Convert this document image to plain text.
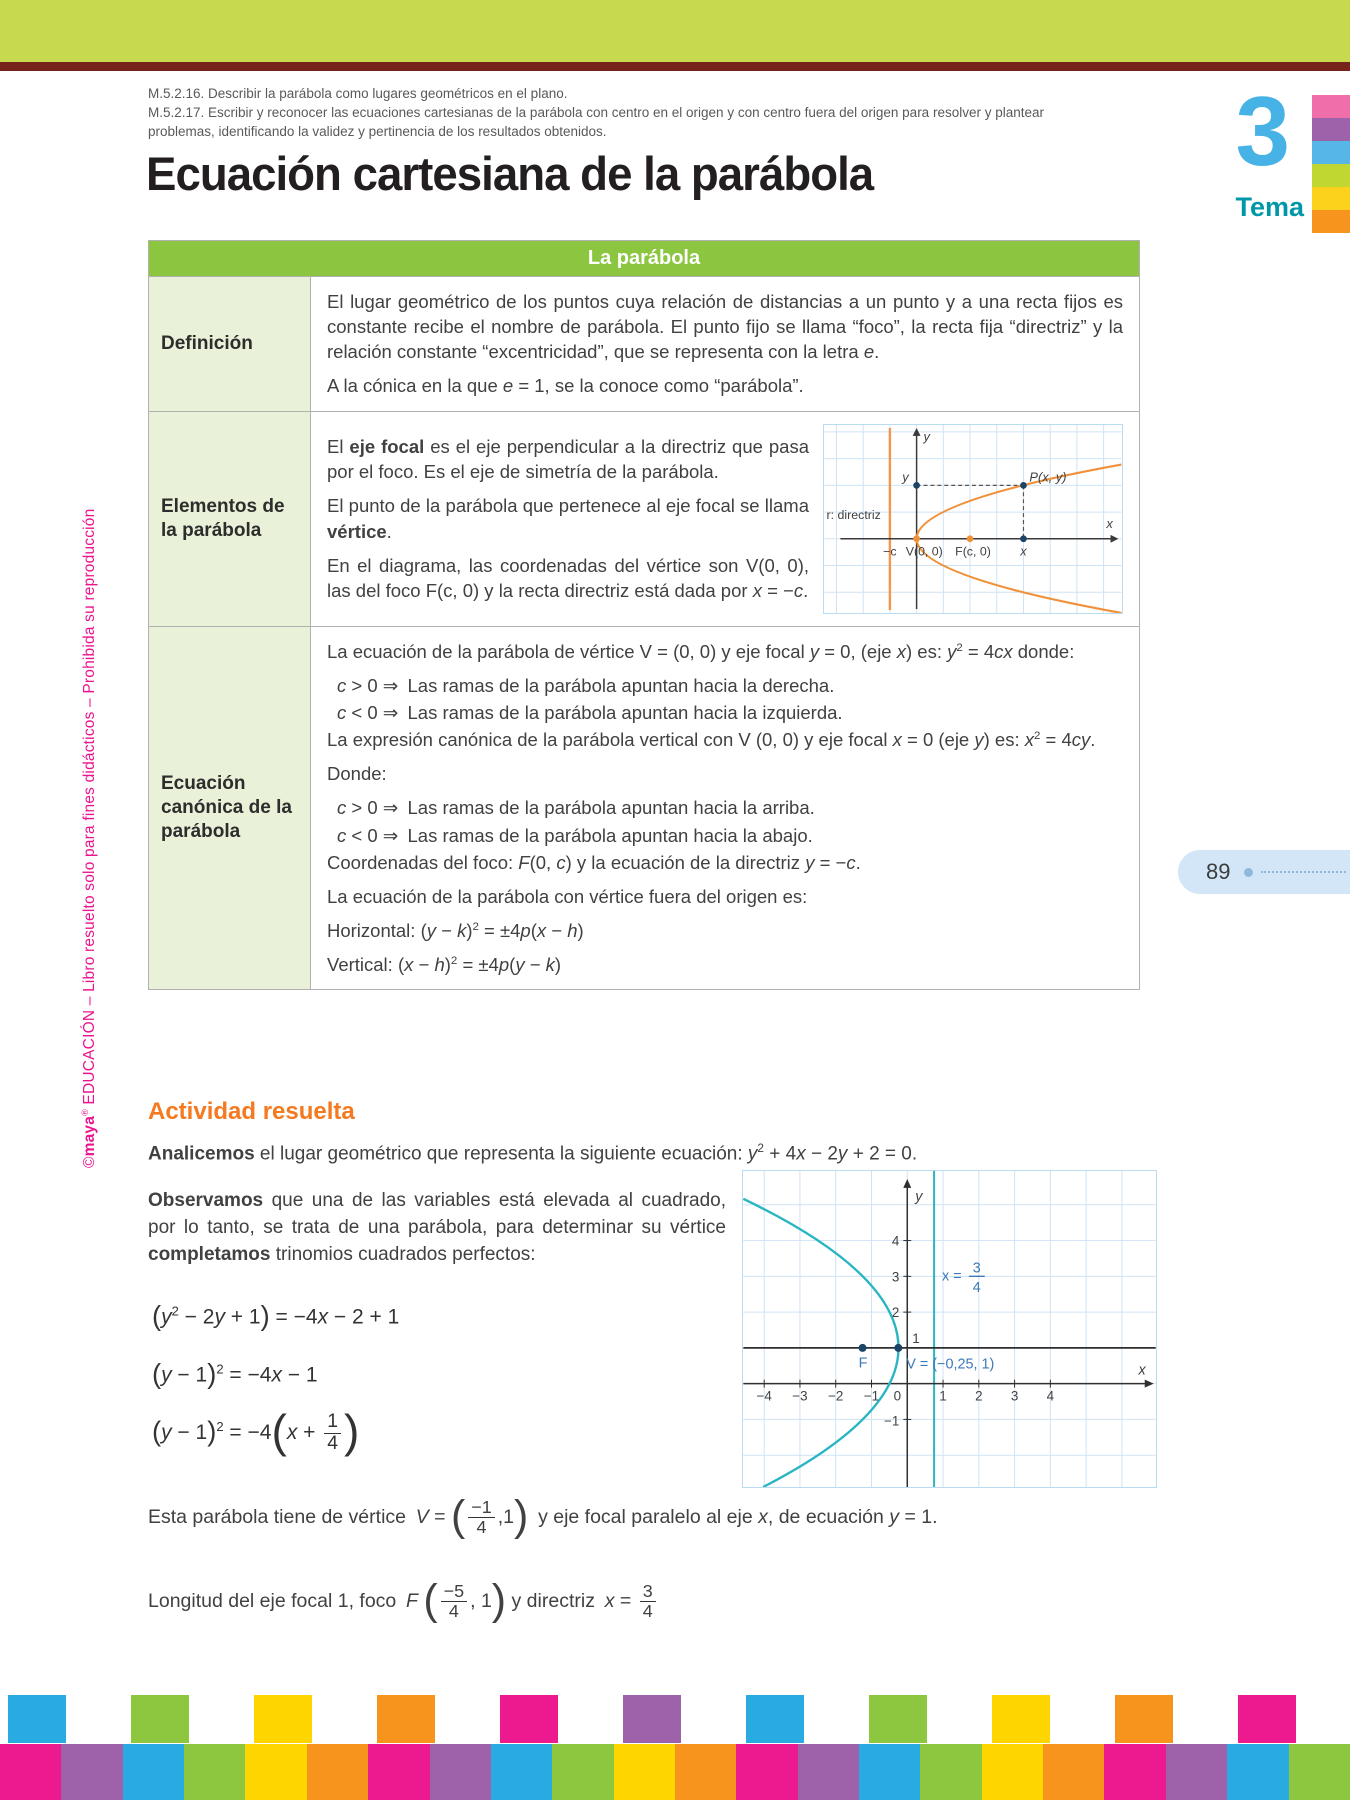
M.5.2.16. Describir la parábola como lugares geométricos en el plano.
M.5.2.17. Escribir y reconocer las ecuaciones cartesianas de la parábola con centro en el origen y con centro fuera del origen para resolver y plantear problemas, identificando la validez y pertinencia de los resultados obtenidos.
Ecuación cartesiana de la parábola	3
Tema
©maya® EDUCACIÓN – Libro resuelto solo para fines didácticos – Prohibida su reproducción
La parábola
Definición

El lugar geométrico de los puntos cuya relación de distancias a un punto y a una recta fijos es constante recibe el nombre de parábola. El punto fijo se llama “foco”, la recta fija “directriz” y la relación constante “excentricidad”, que se representa con la letra e.

A la cónica en la que e = 1, se la conoce como “parábola”.

Elementos de la parábola

El eje focal es el eje perpendicular a la directriz que pasa por el foco. Es el eje de simetría de la parábola.

El punto de la parábola que pertenece al eje focal se llama vértice.

En el diagrama, las coordenadas del vértice son V(0, 0), las del foco F(c, 0) y la recta directriz está dada por x = −c.

y
x
y	P(x, y)
r: directriz
−c V(0, 0) F(c, 0) x
Ecuación canónica de la parábola

La ecuación de la parábola de vértice V = (0, 0) y eje focal y = 0, (eje x) es: $y^2 = 4cx$ donde:

c > 0 ⇒ Las ramas de la parábola apuntan hacia la derecha.

c < 0 ⇒ Las ramas de la parábola apuntan hacia la izquierda.

La expresión canónica de la parábola vertical con V (0, 0) y eje focal x = 0 (eje y) es: $x^2 = 4cy$.

Donde:

c > 0 ⇒ Las ramas de la parábola apuntan hacia la arriba.

c < 0 ⇒ Las ramas de la parábola apuntan hacia la abajo.

Coordenadas del foco: F(0, c) y la ecuación de la directriz y = −c.

La ecuación de la parábola con vértice fuera del origen es:

Horizontal: $(y - k)^2 = \pm 4p(x - h)$

Vertical: $(x - h)^2 = \pm 4p(y - k)$

89
Actividad resuelta

Analicemos el lugar geométrico que representa la siguiente ecuación: $y^2 + 4x - 2y + 2 = 0$.

Observamos que una de las variables está elevada al cuadrado, por lo tanto, se trata de una parábola, para determinar su vértice completamos trinomios cuadrados perfectos:

$(y^2 - 2y + 1) = -4x - 2 + 1$
$(y - 1)^2 = -4x - 1$
$(y - 1)^2 = -4(x + \frac{1}{4}$ )
y
x
−4 −3 −2 −1 0	1 2 3 4
4
3
2
1
−1
x = 3
4
F	V = (−0,25, 1)

Esta parábola tiene de vértice V = ( $\frac{-1}{4} ,1$) y eje focal paralelo al eje x, de ecuación y = 1.

Longitud del eje focal 1, foco F ( $\frac{-5}{4}$ , 1) y directriz $x = \frac{3}{4}$
